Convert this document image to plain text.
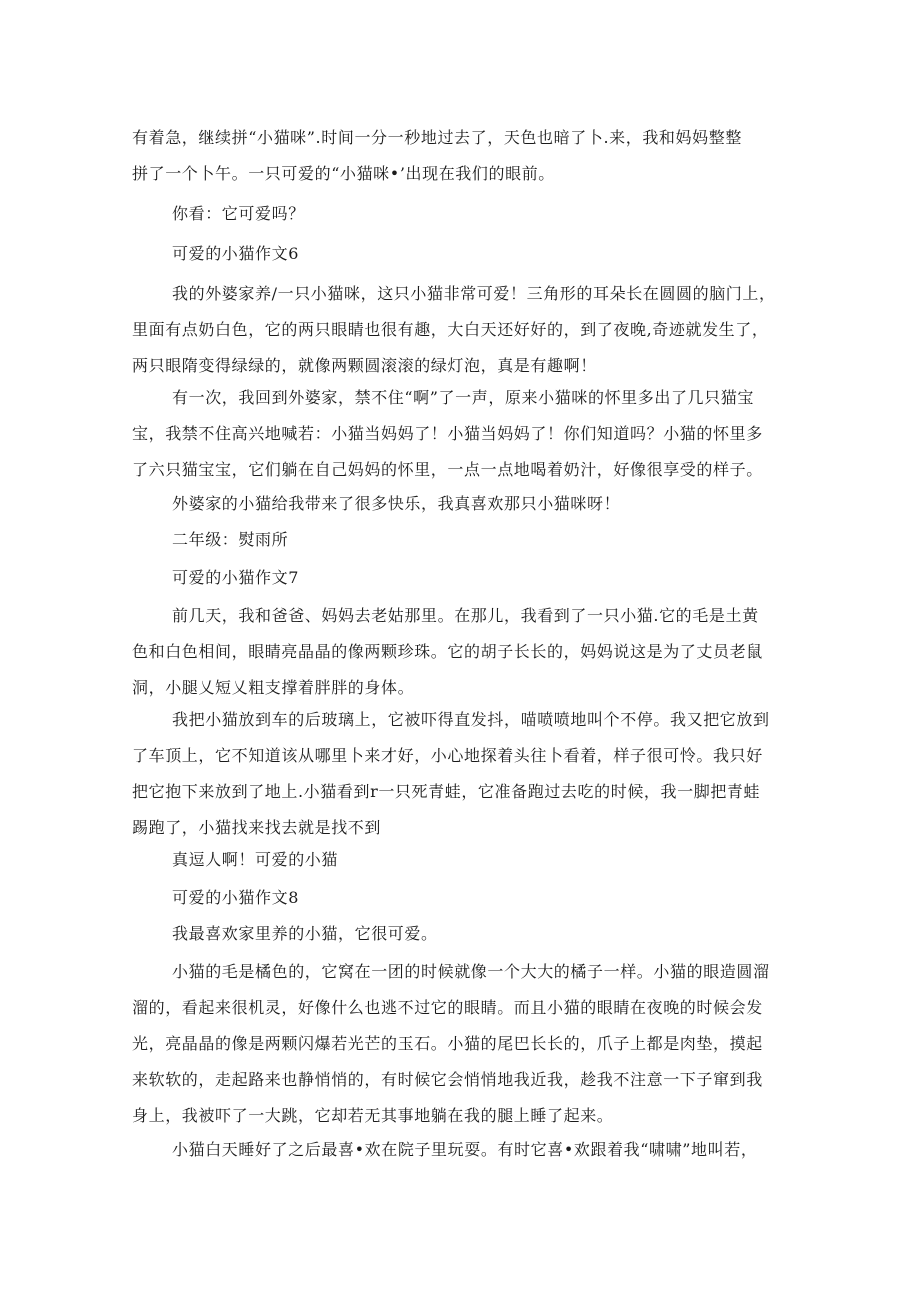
有着急，继续拼“小猫咪”.时间一分一秒地过去了，天色也暗了卜.来，我和妈妈整整
拼了一个卜午。一只可爱的“小猫咪•’出现在我们的眼前。

你看：它可爱吗？

可爱的小猫作文6

我的外婆家养/一只小猫咪，这只小猫非常可爱！三角形的耳朵长在圆圆的脑门上，
里面有点奶白色，它的两只眼睛也很有趣，大白天还好好的，到了夜晚,奇迹就发生了，
两只眼隋变得绿绿的，就像两颗圆滚滚的绿灯泡，真是有趣啊！

有一次，我回到外婆家，禁不住“啊”了一声，原来小猫咪的怀里多出了几只猫宝
宝，我禁不住高兴地喊若：小猫当妈妈了！小猫当妈妈了！你们知道吗？小猫的怀里多
了六只猫宝宝，它们躺在自己妈妈的怀里，一点一点地喝着奶汁，好像很享受的样子。

外婆家的小猫给我带来了很多快乐，我真喜欢那只小猫咪呀！

二年级：熨雨所

可爱的小猫作文7

前几天，我和爸爸、妈妈去老姑那里。在那儿，我看到了一只小猫.它的毛是土黄
色和白色相间，眼睛亮晶晶的像两颗珍珠。它的胡子长长的，妈妈说这是为了丈员老鼠
洞，小腿乂短乂粗支撑着胖胖的身体。

我把小猫放到车的后玻璃上，它被吓得直发抖，喵喷喷地叫个不停。我又把它放到
了车顶上，它不知道该从哪里卜来才好，小心地探着头往卜看着，样子很可怜。我只好
把它抱下来放到了地上.小猫看到r一只死青蛙，它准备跑过去吃的时候，我一脚把青蛙
踢跑了，小猫找来找去就是找不到

真逗人啊！可爱的小猫

可爱的小猫作文8

我最喜欢家里养的小猫，它很可爱。

小猫的毛是橘色的，它窝在一团的时候就像一个大大的橘子一样。小猫的眼造圆溜
溜的，看起来很机灵，好像什么也逃不过它的眼睛。而且小猫的眼睛在夜晚的时候会发
光，亮晶晶的像是两颗闪爆若光芒的玉石。小猫的尾巴长长的，爪子上都是肉垫，摸起
来软软的，走起路来也静悄悄的，有时候它会悄悄地我近我，趁我不注意一下子窜到我
身上，我被吓了一大跳，它却若无其事地躺在我的腿上睡了起来。

小猫白天睡好了之后最喜•欢在院子里玩耍。有时它喜•欢跟着我“啸啸”地叫若，
